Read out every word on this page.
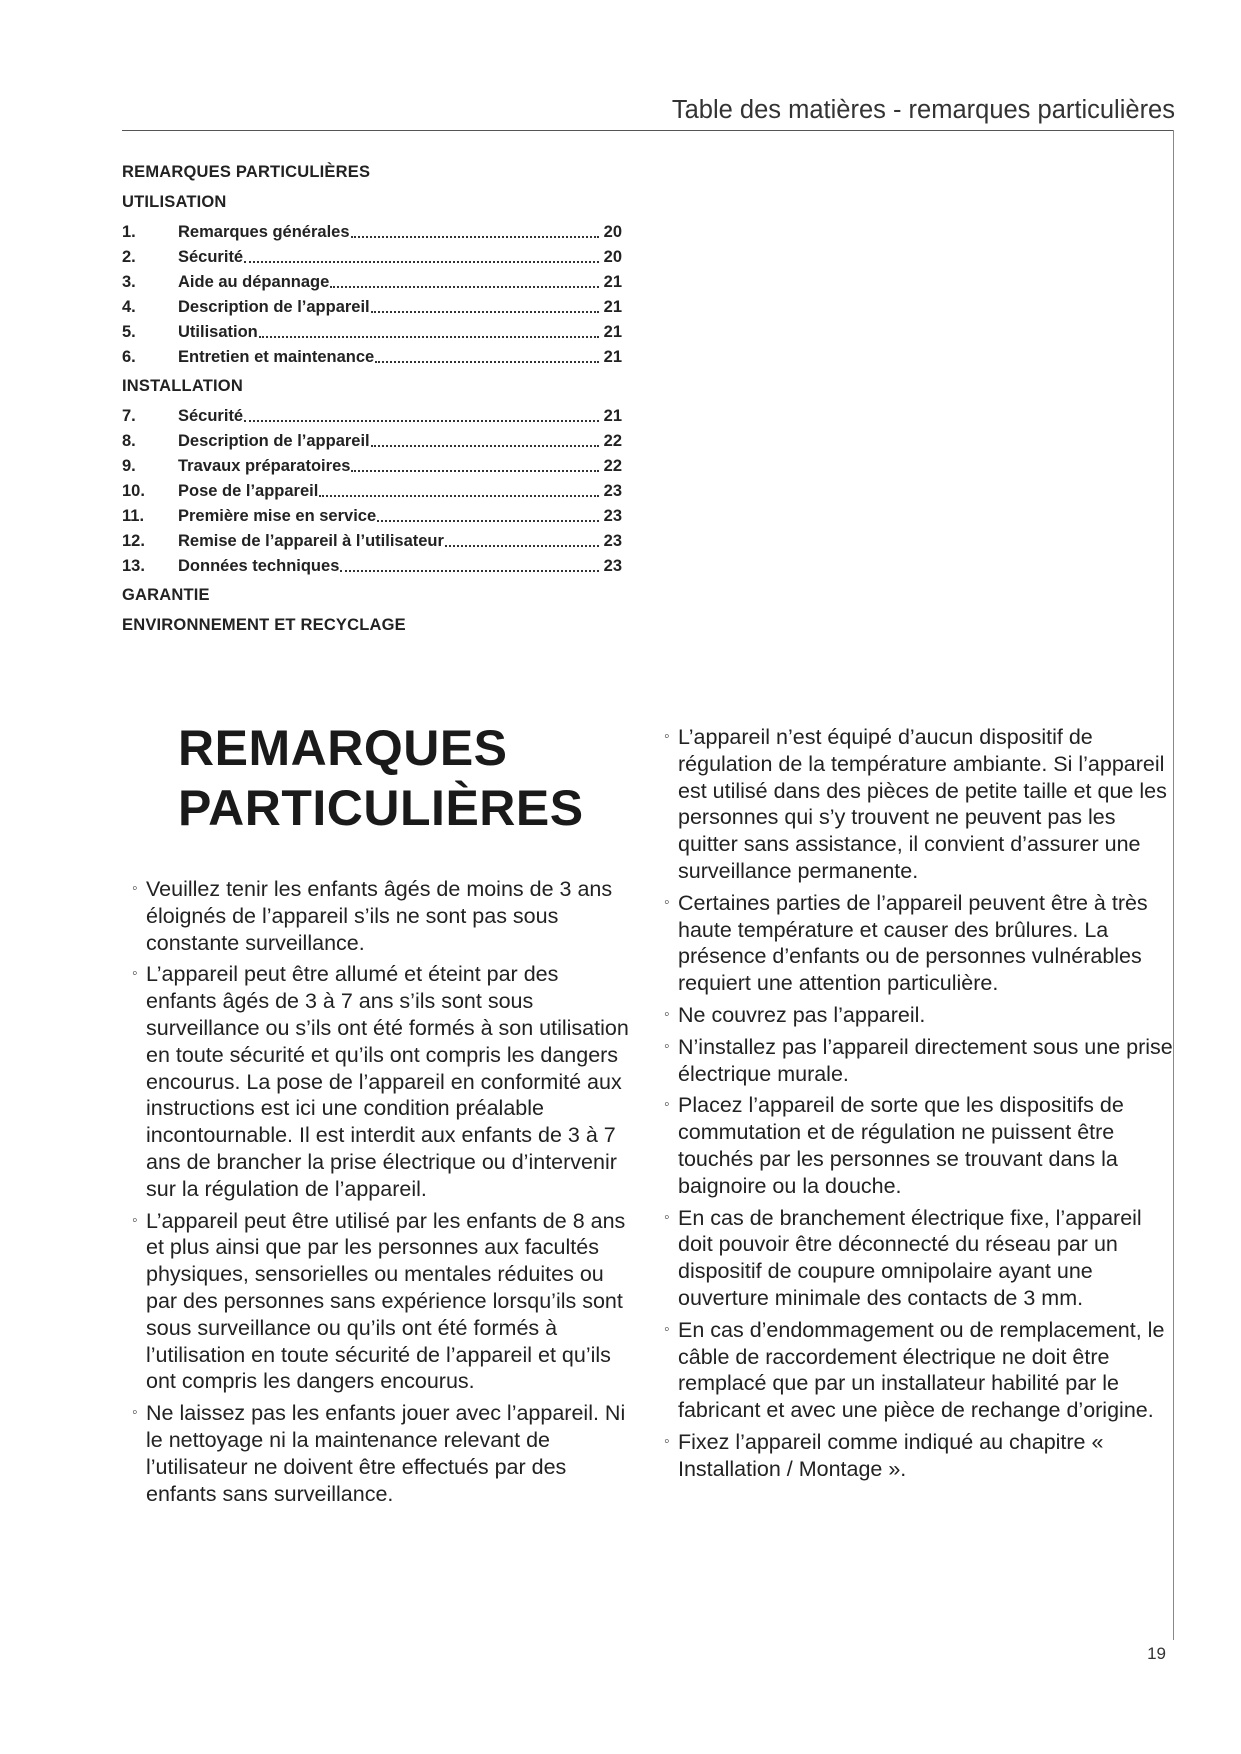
Table des matières - remarques particulières
REMARQUES PARTICULIÈRES
UTILISATION
1.	Remarques générales	20
2.	Sécurité	20
3.	Aide au dépannage	21
4.	Description de l’appareil	21
5.	Utilisation	21
6.	Entretien et maintenance	21
INSTALLATION
7.	Sécurité	21
8.	Description de l’appareil	22
9.	Travaux préparatoires	22
10.	Pose de l’appareil	23
11.	Première mise en service	23
12.	Remise de l’appareil à l’utilisateur	23
13.	Données techniques	23
GARANTIE
ENVIRONNEMENT ET RECYCLAGE
REMARQUES
PARTICULIÈRES
◦ Veuillez tenir les enfants âgés de moins de 3 ans éloignés de l’appareil s’ils ne sont pas sous constante surveillance.
◦ L’appareil peut être allumé et éteint par des enfants âgés de 3 à 7 ans s’ils sont sous surveillance ou s’ils ont été formés à son utilisation en toute sécurité et qu’ils ont compris les dangers encourus. La pose de l’appareil en conformité aux instructions est ici une condition préalable incontournable. Il est interdit aux enfants de 3 à 7 ans de brancher la prise électrique ou d’intervenir sur la régulation de l’appareil.
◦ L’appareil peut être utilisé par les enfants de 8 ans et plus ainsi que par les personnes aux facultés physiques, sensorielles ou mentales réduites ou par des personnes sans expérience lorsqu’ils sont sous surveillance ou qu’ils ont été formés à l’utilisation en toute sécurité de l’appareil et qu’ils ont compris les dangers encourus.
◦ Ne laissez pas les enfants jouer avec l’appareil. Ni le nettoyage ni la maintenance relevant de l’utilisateur ne doivent être effectués par des enfants sans surveillance.
◦ L’appareil n’est équipé d’aucun dispositif de régulation de la température ambiante. Si l’appareil est utilisé dans des pièces de petite taille et que les personnes qui s’y trouvent ne peuvent pas les quitter sans assistance, il convient d’assurer une surveillance permanente.
◦ Certaines parties de l’appareil peuvent être à très haute température et causer des brûlures. La présence d’enfants ou de personnes vulnérables requiert une attention particulière.
◦ Ne couvrez pas l’appareil.
◦ N’installez pas l’appareil directement sous une prise électrique murale.
◦ Placez l’appareil de sorte que les dispositifs de commutation et de régulation ne puissent être touchés par les personnes se trouvant dans la baignoire ou la douche.
◦ En cas de branchement électrique fixe, l’appareil doit pouvoir être déconnecté du réseau par un dispositif de coupure omnipolaire ayant une ouverture minimale des contacts de 3 mm.
◦ En cas d’endommagement ou de remplacement, le câble de raccordement électrique ne doit être remplacé que par un installateur habilité par le fabricant et avec une pièce de rechange d’origine.
◦ Fixez l’appareil comme indiqué au chapitre « Installation / Montage ».
19
